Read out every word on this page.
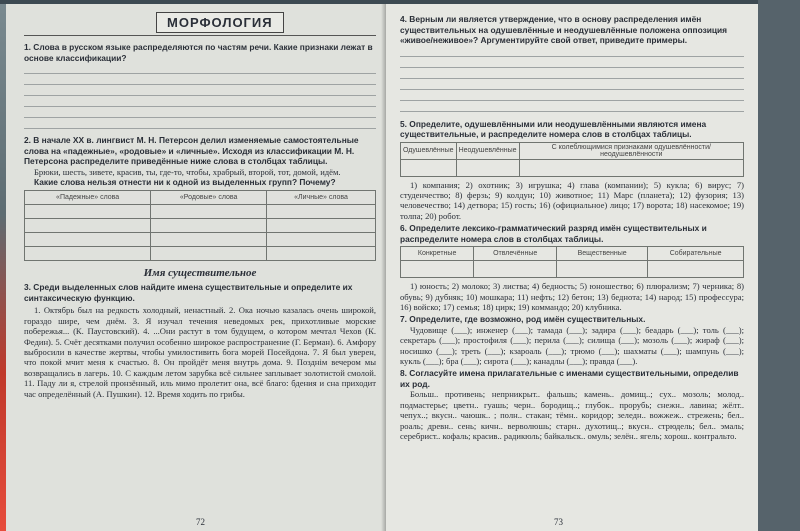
МОРФОЛОГИЯ

1. Слова в русском языке распределяются по частям речи. Какие признаки лежат в основе классификации?

2. В начале XX в. лингвист М. Н. Петерсон делил изменяемые самостоятельные слова на «падежные», «родовые» и «личные». Исходя из классификации М. Н. Петерсона распределите приведённые ниже слова в столбцах таблицы.

Брюки, шесть, зивете, красив, ты, где-то, чтобы, храбрый, второй, тот, домой, идём.

Какие слова нельзя отнести ни к одной из выделенных групп? Почему?

«Падежные» слова	«Родовые» слова	«Личные» слова

Имя существительное

3. Среди выделенных слов найдите имена существительные и определите их синтаксическую функцию.

1. Октябрь был на редкость холодный, ненастный. 2. Ока ночью казалась очень широкой, гораздо шире, чем днём. 3. Я изучал течения неведомых рек, прихотливые морские побережья... (К. Паустовский). 4. ...Они растут в том будущем, о котором мечтал Чехов (К. Федин). 5. Счёт десятками получил особенно широкое распространение (Г. Берман). 6. Амфору выбросили в качестве жертвы, чтобы умилостивить бога морей Посейдона. 7. Я был уверен, что покой мчит меня к счастью. 8. Он пройдёт меня внутрь дома. 9. Позднім вечером мы возвращались в лагерь. 10. С каждым летом зарубка всё сильнее заплывает золотистой смолой. 11. Паду ли я, стрелой пронзённый, иль мимо пролетит она, всё благо: бдения и сна приходит час определённый (А. Пушкин). 12. Время ходить по грибы.

72

4. Верным ли является утверждение, что в основу распределения имён существительных на одушевлённые и неодушевлённые положена оппозиция «живое/неживое»? Аргументируйте свой ответ, приведите примеры.

5. Определите, одушевлёнными или неодушевлёнными являются имена существительные, и распределите номера слов в столбцах таблицы.

Одушевлённые	Неодушевлённые	С колеблющимися признаками одушевлённости/неодушевлённости

1) компания; 2) охотник; 3) игрушка; 4) глава (компании); 5) кукла; 6) вирус; 7) студенчество; 8) ферзь; 9) колдун; 10) животное; 11) Марс (планета); 12) фузория; 13) человечество; 14) детвора; 15) гость; 16) (официальное) лицо; 17) ворота; 18) насекомое; 19) толпа; 20) робот.

6. Определите лексико-грамматический разряд имён существительных и распределите номера слов в столбцах таблицы.

Конкретные	Отвлечённые	Вещественные	Собирательные

1) юность; 2) молоко; 3) листва; 4) бедность; 5) юношество; 6) плюрализм; 7) черника; 8) обувь; 9) дубняк; 10) мошкара; 11) нефть; 12) бетон; 13) беднота; 14) народ; 15) профессура; 16) войско; 17) семья; 18) цирк; 19) коммандо; 20) клубника.

7. Определите, где возможно, род имён существительных.

Чудовище (___); инженер (___); тамада (___); задира (___); беадарь (___); толь (___); секретарь (___); простофиля (___); перила (___); силища (___); мозоль (___); жираф (___); носишко (___); треть (___); кзароаль (___); трюмо (___); шахматы (___); шампунь (___); кукль (___); бра (___); сирота (___); канадлы (___); правда (___).

8. Согласуйте имена прилагательные с именами существительными, определив их род.

Больш.. противень; непрникрыт.. фальшь; камень.. домищ..; сух.. мозоль; молод.. подмастерье; цветн.. гуашь; черн.. бородищ..; глубок.. прорубь; снежн.. лавина; жёлт.. чепух..; вкусн.. чаюшк.. ; полн.. стакан; тёмн.. коридор; зеледн.. вожжеж.. стрежень; бел.. роаль; древн.. сень; кичн.. верволюшь; старн.. духотищ..; вкусн.. стрюдель; бел.. эмаль; серебрист.. кофаль; красив.. радикюль; байкальск.. омуль; зелён.. ягель; хорош.. контральто.

73
